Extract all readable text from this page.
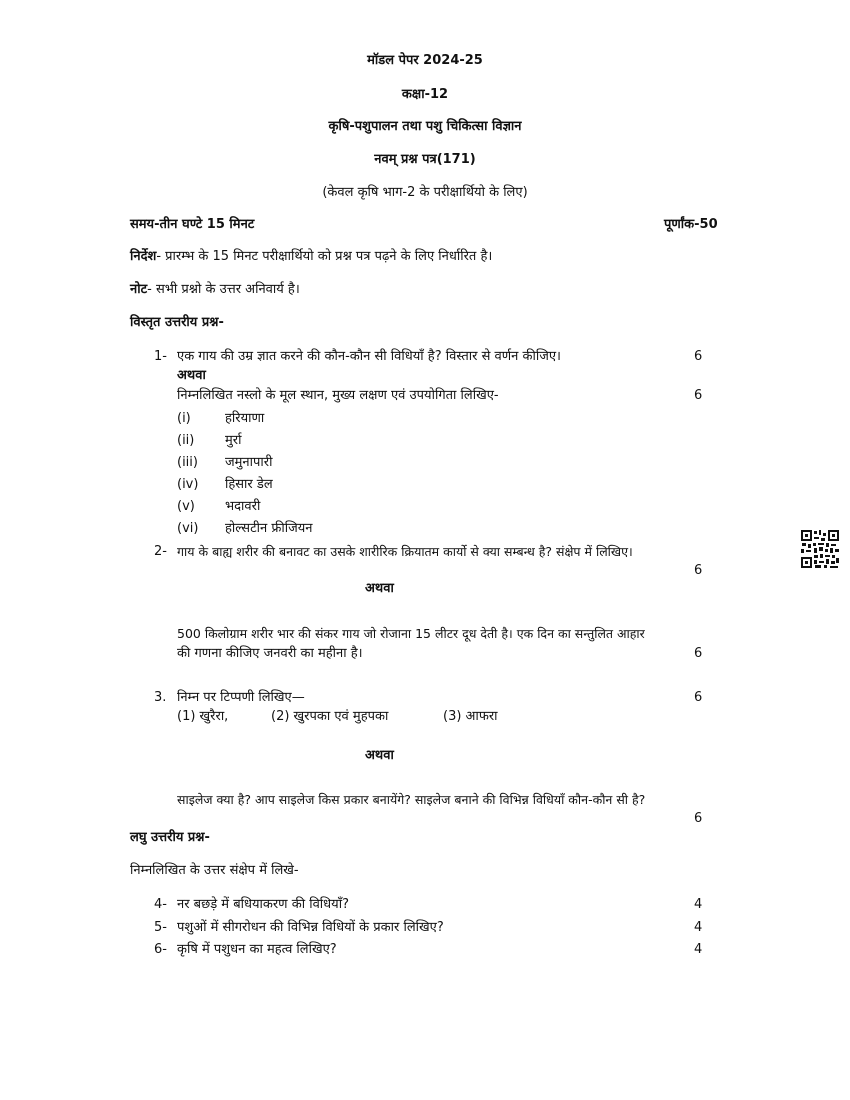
मॉडल पेपर 2024-25
कक्षा-12
कृषि-पशुपालन तथा पशु चिकित्सा विज्ञान
नवम् प्रश्न पत्र(171)
(केवल कृषि भाग-2 के परीक्षार्थियो के लिए)
समय-तीन घण्टे 15 मिनट	पूर्णांक-50
निर्देश- प्रारम्भ के 15 मिनट परीक्षार्थियो को प्रश्न पत्र पढ़ने के लिए निर्धारित है।
नोट- सभी प्रश्नो के उत्तर अनिवार्य है।
विस्तृत उत्तरीय प्रश्न-
1- एक गाय की उम्र ज्ञात करने की कौन-कौन सी विधियाँ है? विस्तार से वर्णन कीजिए।	6
अथवा
निम्नलिखित नस्लो के मूल स्थान, मुख्य लक्षण एवं उपयोगिता लिखिए-	6
(i)	हरियाणा
(ii) मुर्रा
(iii) जमुनापारी
(iv) हिसार डेल
(v) भदावरी
(vi) होल्सटीन फ्रीजियन
2- गाय के बाह्य शरीर की बनावट का उसके शारीरिक क्रियातम कार्यो से क्या सम्बन्ध है? संक्षेप में लिखिए।
6
अथवा
500 किलोग्राम शरीर भार की संकर गाय जो रोजाना 15 लीटर दूध देती है। एक दिन का सन्तुलित आहार
की गणना कीजिए जनवरी का महीना है।	6
3. निम्न पर टिप्पणी लिखिए—	6
(1) खुरैरा,	(2) खुरपका एवं मुहपका	(3) आफरा
अथवा
साइलेज क्या है? आप साइलेज किस प्रकार बनायेंगे? साइलेज बनाने की विभिन्न विधियाँ कौन-कौन सी है?
6
लघु उत्तरीय प्रश्न-
निम्नलिखित के उत्तर संक्षेप में लिखे-
4- नर बछड़े में बधियाकरण की विधियाँ?	4
5- पशुओं में सीगरोधन की विभिन्न विधियों के प्रकार लिखिए?	4
6- कृषि में पशुधन का महत्व लिखिए?	4
